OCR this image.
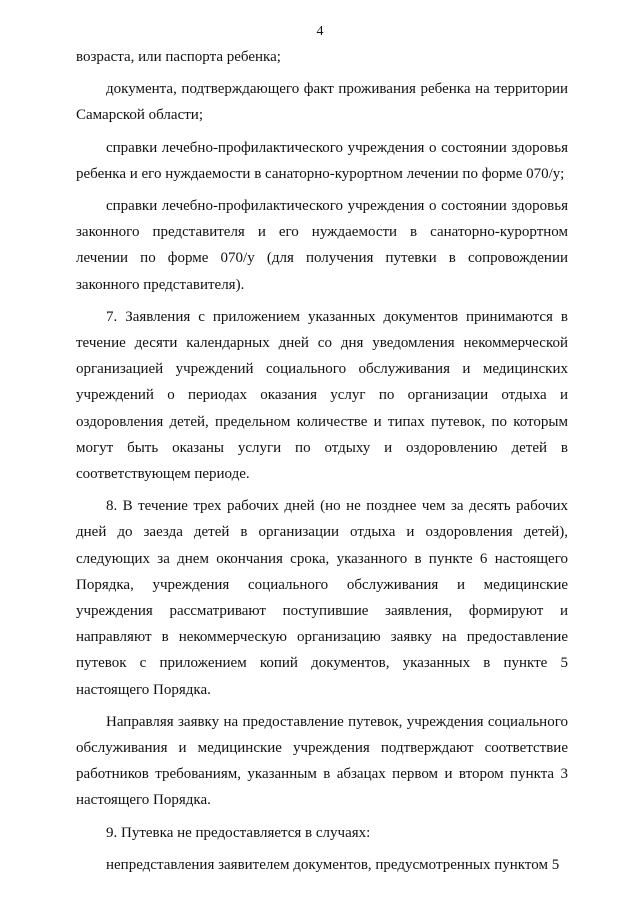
4

возраста, или паспорта ребенка;

документа, подтверждающего факт проживания ребенка на территории Самарской области;

справки лечебно-профилактического учреждения о состоянии здоровья ребенка и его нуждаемости в санаторно-курортном лечении по форме 070/у;

справки лечебно-профилактического учреждения о состоянии здоровья законного представителя и его нуждаемости в санаторно-курортном лечении по форме 070/у (для получения путевки в сопровождении законного представителя).

7. Заявления с приложением указанных документов принимаются в течение десяти календарных дней со дня уведомления некоммерческой организацией учреждений социального обслуживания и медицинских учреждений о периодах оказания услуг по организации отдыха и оздоровления детей, предельном количестве и типах путевок, по которым могут быть оказаны услуги по отдыху и оздоровлению детей в соответствующем периоде.

8. В течение трех рабочих дней (но не позднее чем за десять рабочих дней до заезда детей в организации отдыха и оздоровления детей), следующих за днем окончания срока, указанного в пункте 6 настоящего Порядка, учреждения социального обслуживания и медицинские учреждения рассматривают поступившие заявления, формируют и направляют в некоммерческую организацию заявку на предоставление путевок с приложением копий документов, указанных в пункте 5 настоящего Порядка.

Направляя заявку на предоставление путевок, учреждения социального обслуживания и медицинские учреждения подтверждают соответствие работников требованиям, указанным в абзацах первом и втором пункта 3 настоящего Порядка.

9. Путевка не предоставляется в случаях:

непредставления заявителем документов, предусмотренных пунктом 5
